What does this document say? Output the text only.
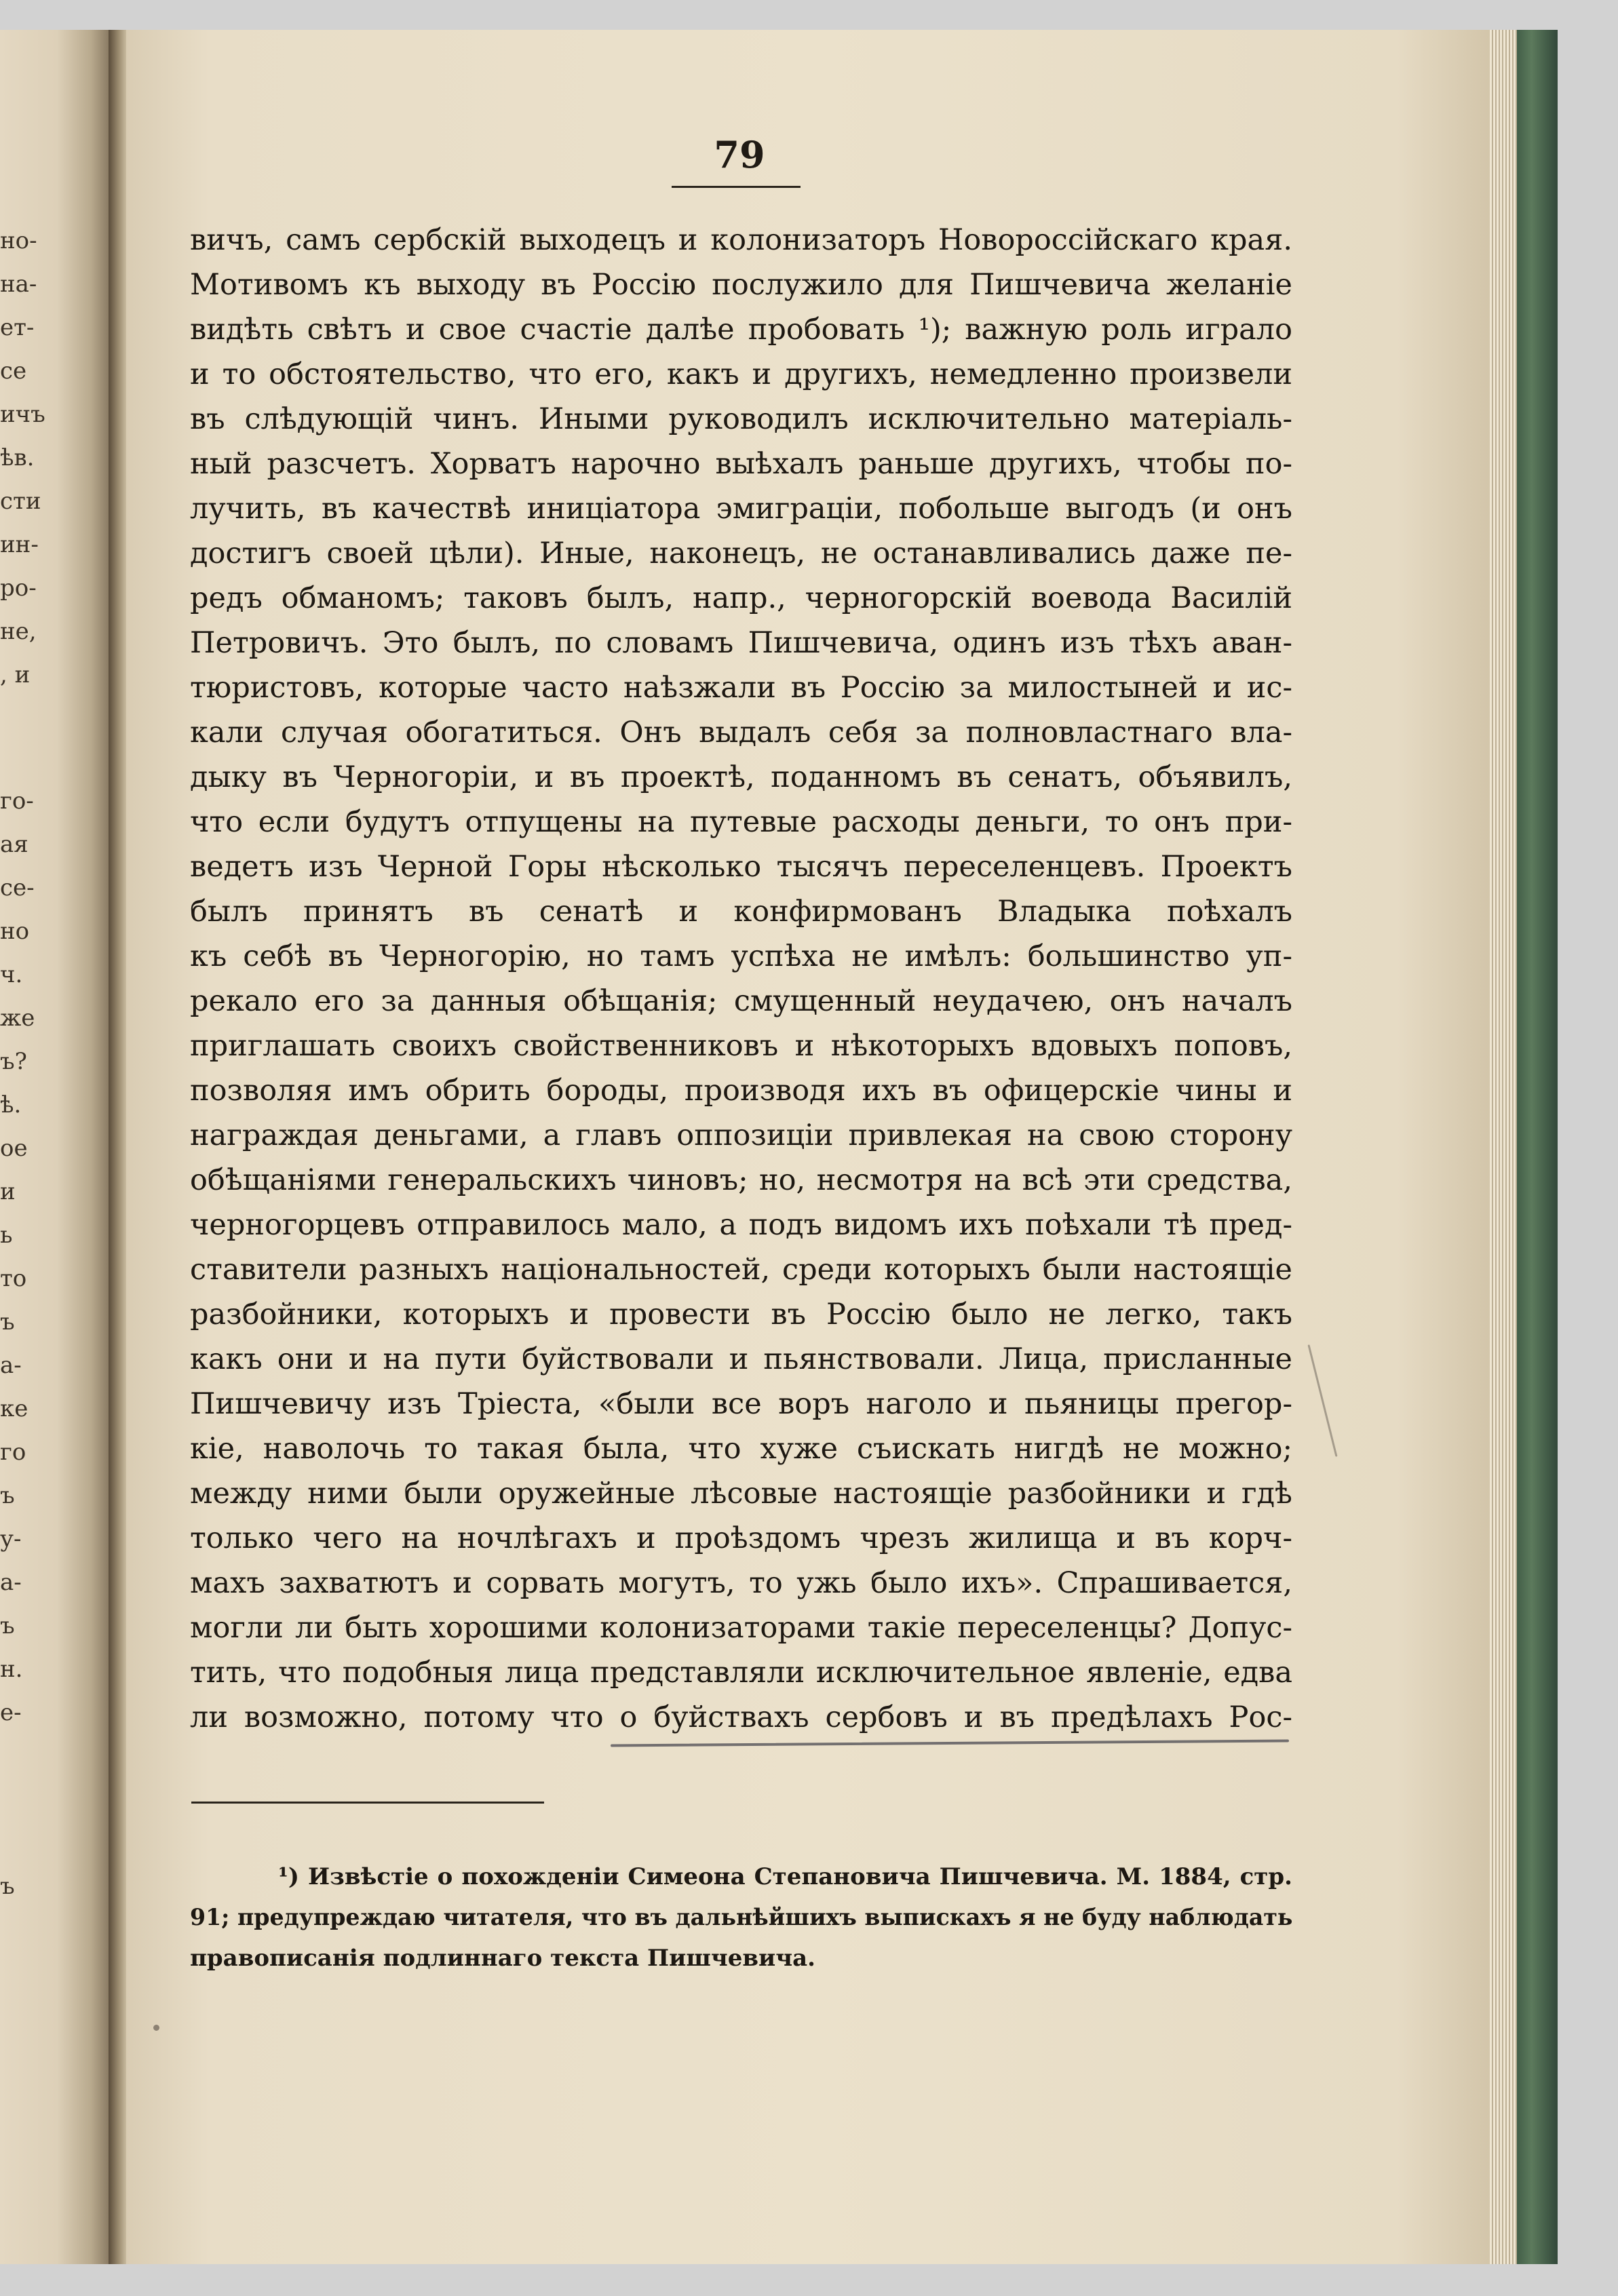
но-
на-
ет-
се
ичъ
ѣв.
сти
ин-
ро-
не,
, и
го-
ая
се-
но
ч.
же
ъ?
ѣ.
ое
и
ь
то
ъ
а-
ке
го
ъ
у-
а-
ъ
н.
е-
ъ
79
вичъ, самъ сербскій выходецъ и колонизаторъ Новороссійскаго края.
Мотивомъ къ выходу въ Россію послужило для Пишчевича желаніе
видѣть свѣтъ и свое счастіе далѣе пробовать ¹); важную роль играло
и то обстоятельство, что его, какъ и другихъ, немедленно произвели
въ слѣдующій чинъ. Иными руководилъ исключительно матеріаль-
ный разсчетъ. Хорватъ нарочно выѣхалъ раньше другихъ, чтобы по-
лучить, въ качествѣ иниціатора эмиграціи, побольше выгодъ (и онъ
достигъ своей цѣли). Иные, наконецъ, не останавливались даже пе-
редъ обманомъ; таковъ былъ, напр., черногорскій воевода Василій
Петровичъ. Это былъ, по словамъ Пишчевича, одинъ изъ тѣхъ аван-
тюристовъ, которые часто наѣзжали въ Россію за милостыней и ис-
кали случая обогатиться. Онъ выдалъ себя за полновластнаго вла-
дыку въ Черногоріи, и въ проектѣ, поданномъ въ сенатъ, объявилъ,
что если будутъ отпущены на путевые расходы деньги, то онъ при-
ведетъ изъ Черной Горы нѣсколько тысячъ переселенцевъ. Проектъ
былъ принятъ въ сенатѣ и конфирмованъ Владыка поѣхалъ
къ себѣ въ Черногорію, но тамъ успѣха не имѣлъ: большинство уп-
рекало его за данныя обѣщанія; смущенный неудачею, онъ началъ
приглашать своихъ свойственниковъ и нѣкоторыхъ вдовыхъ поповъ,
позволяя имъ обрить бороды, производя ихъ въ офицерскіе чины и
награждая деньгами, а главъ оппозиціи привлекая на свою сторону
обѣщаніями генеральскихъ чиновъ; но, несмотря на всѣ эти средства,
черногорцевъ отправилось мало, а подъ видомъ ихъ поѣхали тѣ пред-
ставители разныхъ національностей, среди которыхъ были настоящіе
разбойники, которыхъ и провести въ Россію было не легко, такъ
какъ они и на пути буйствовали и пьянствовали. Лица, присланные
Пишчевичу изъ Тріеста, «были все воръ наголо и пьяницы прегор-
кіе, наволочь то такая была, что хуже съискать нигдѣ не можно;
между ними были оружейные лѣсовые настоящіе разбойники и гдѣ
только чего на ночлѣгахъ и проѣздомъ чрезъ жилища и въ корч-
махъ захватютъ и сорвать могутъ, то ужь было ихъ». Спрашивается,
могли ли быть хорошими колонизаторами такіе переселенцы? Допус-
тить, что подобныя лица представляли исключительное явленіе, едва
ли возможно, потому что о буйствахъ сербовъ и въ предѣлахъ Рос-
¹) Извѣстіе о похожденіи Симеона Степановича Пишчевича. М. 1884, стр.
91; предупреждаю читателя, что въ дальнѣйшихъ выпискахъ я не буду наблюдать
правописанія подлиннаго текста Пишчевича.
